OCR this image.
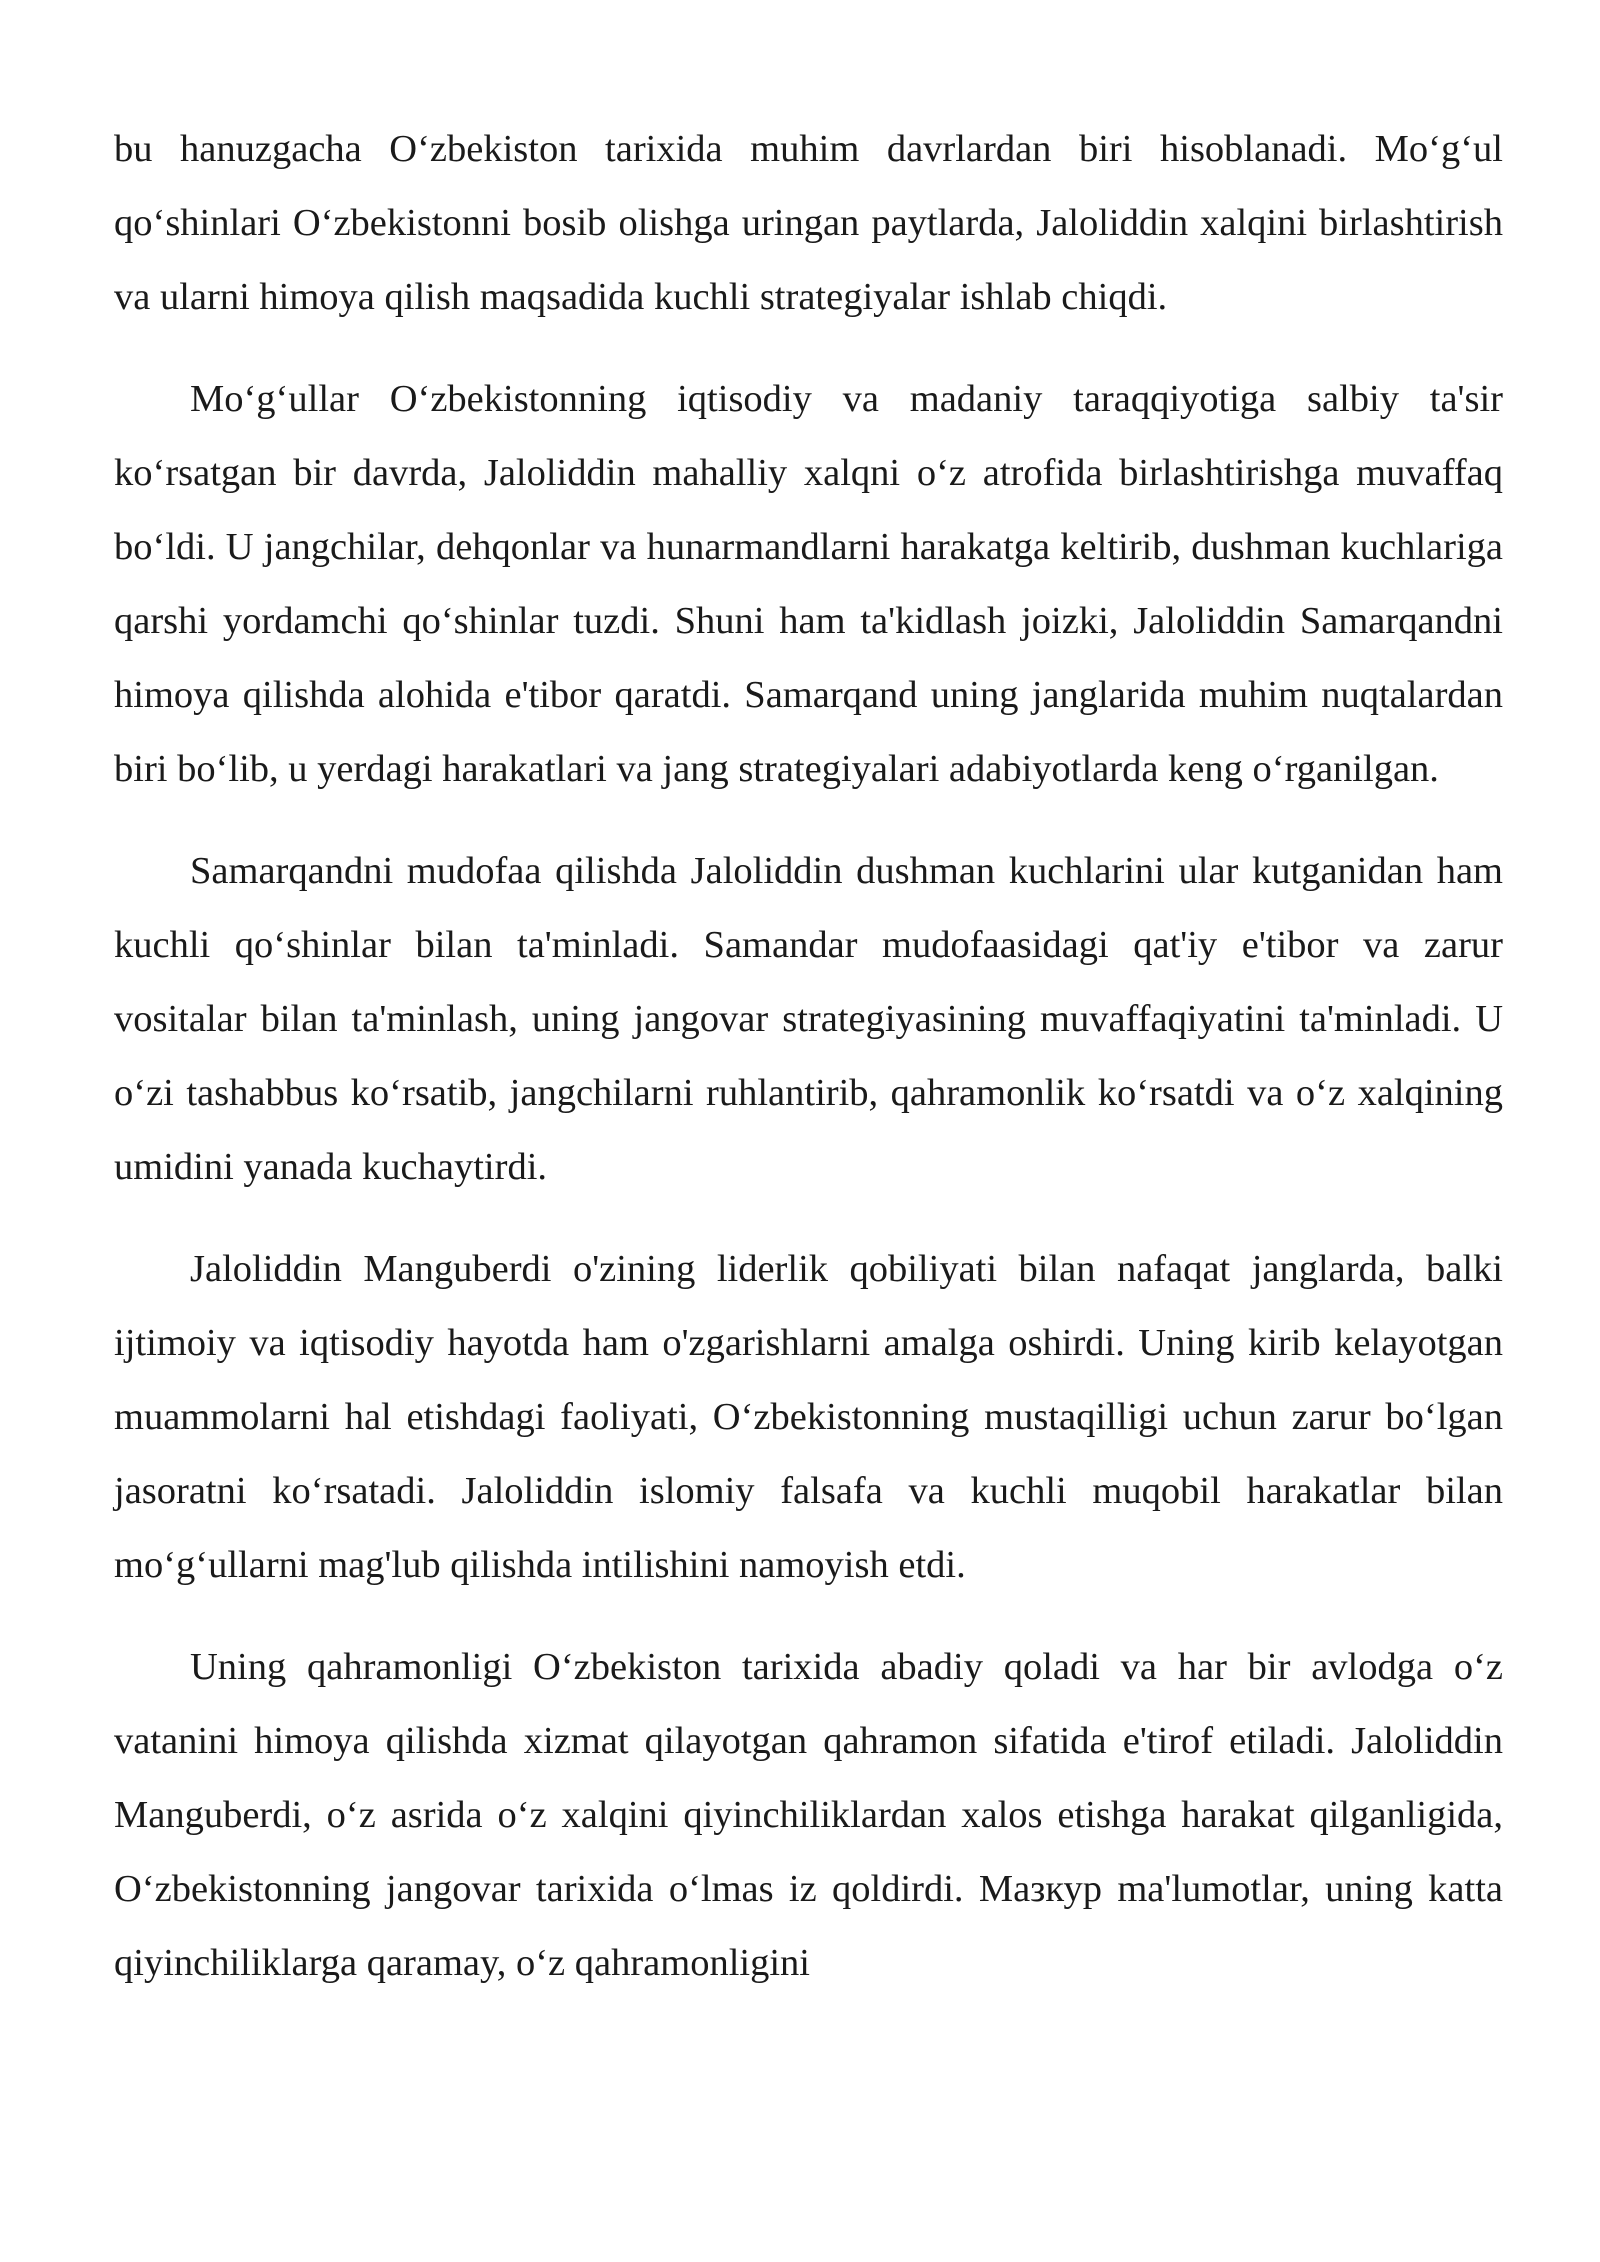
bu hanuzgacha Oʻzbekiston tarixida muhim davrlardan biri hisoblanadi. Moʻgʻul qoʻshinlari Oʻzbekistonni bosib olishga uringan paytlarda, Jaloliddin xalqini birlashtirish va ularni himoya qilish maqsadida kuchli strategiyalar ishlab chiqdi.

Moʻgʻullar Oʻzbekistonning iqtisodiy va madaniy taraqqiyotiga salbiy ta'sir koʻrsatgan bir davrda, Jaloliddin mahalliy xalqni oʻz atrofida birlashtirishga muvaffaq boʻldi. U jangchilar, dehqonlar va hunarmandlarni harakatga keltirib, dushman kuchlariga qarshi yordamchi qoʻshinlar tuzdi. Shuni ham ta'kidlash joizki, Jaloliddin Samarqandni himoya qilishda alohida e'tibor qaratdi. Samarqand uning janglarida muhim nuqtalardan biri boʻlib, u yerdagi harakatlari va jang strategiyalari adabiyotlarda keng oʻrganilgan.

Samarqandni mudofaa qilishda Jaloliddin dushman kuchlarini ular kutganidan ham kuchli qoʻshinlar bilan ta'minladi. Samandar mudofaasidagi qat'iy e'tibor va zarur vositalar bilan ta'minlash, uning jangovar strategiyasining muvaffaqiyatini ta'minladi. U oʻzi tashabbus koʻrsatib, jangchilarni ruhlantirib, qahramonlik koʻrsatdi va oʻz xalqining umidini yanada kuchaytirdi.

Jaloliddin Manguberdi o'zining liderlik qobiliyati bilan nafaqat janglarda, balki ijtimoiy va iqtisodiy hayotda ham o'zgarishlarni amalga oshirdi. Uning kirib kelayotgan muammolarni hal etishdagi faoliyati, Oʻzbekistonning mustaqilligi uchun zarur boʻlgan jasoratni koʻrsatadi. Jaloliddin islomiy falsafa va kuchli muqobil harakatlar bilan moʻgʻullarni mag'lub qilishda intilishini namoyish etdi.

Uning qahramonligi Oʻzbekiston tarixida abadiy qoladi va har bir avlodga oʻz vatanini himoya qilishda xizmat qilayotgan qahramon sifatida e'tirof etiladi. Jaloliddin Manguberdi, oʻz asrida oʻz xalqini qiyinchiliklardan xalos etishga harakat qilganligida, Oʻzbekistonning jangovar tarixida oʻlmas iz qoldirdi. Мазкур ma'lumotlar, uning katta qiyinchiliklarga qaramay, oʻz qahramonligini
